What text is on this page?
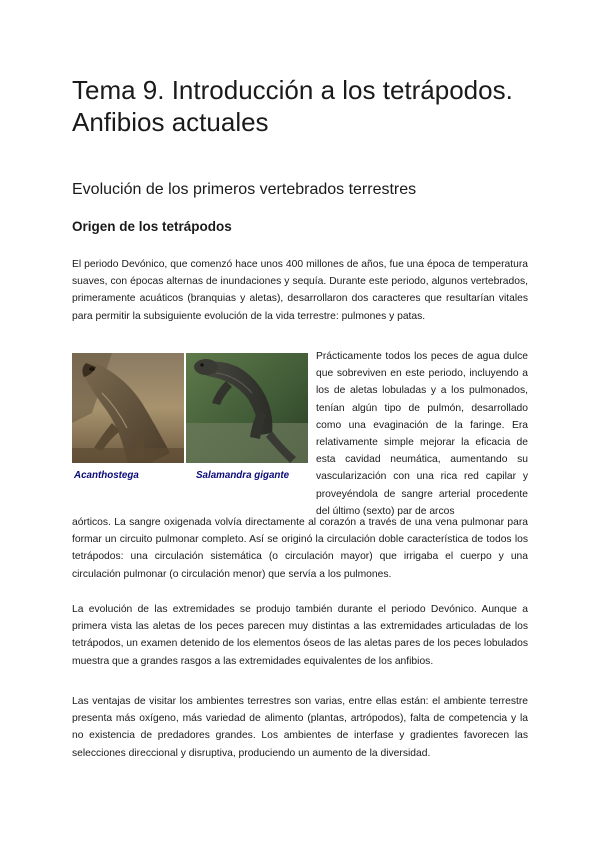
Tema 9. Introducción a los tetrápodos.
Anfibios actuales
Evolución de los primeros vertebrados terrestres
Origen de los tetrápodos

El periodo Devónico, que comenzó hace unos 400 millones de años, fue una época de temperatura suaves, con épocas alternas de inundaciones y sequía. Durante este periodo, algunos vertebrados, primeramente acuáticos (branquias y aletas), desarrollaron dos caracteres que resultarían vitales para permitir la subsiguiente evolución de la vida terrestre: pulmones y patas.

Acanthostega	Salamandra gigante

Prácticamente todos los peces de agua dulce que sobreviven en este periodo, incluyendo a los de aletas lobuladas y a los pulmonados, tenían algún tipo de pulmón, desarrollado como una evaginación de la faringe. Era relativamente simple mejorar la eficacia de esta cavidad neumática, aumentando su vascularización con una rica red capilar y proveyéndola de sangre arterial procedente del último (sexto) par de arcos

aórticos. La sangre oxigenada volvía directamente al corazón a través de una vena pulmonar para formar un circuito pulmonar completo. Así se originó la circulación doble característica de todos los tetrápodos: una circulación sistemática (o circulación mayor) que irrigaba el cuerpo y una circulación pulmonar (o circulación menor) que servía a los pulmones.

La evolución de las extremidades se produjo también durante el periodo Devónico. Aunque a primera vista las aletas de los peces parecen muy distintas a las extremidades articuladas de los tetrápodos, un examen detenido de los elementos óseos de las aletas pares de los peces lobulados muestra que a grandes rasgos a las extremidades equivalentes de los anfibios.

Las ventajas de visitar los ambientes terrestres son varias, entre ellas están: el ambiente terrestre presenta más oxígeno, más variedad de alimento (plantas, artrópodos), falta de competencia y la no existencia de predadores grandes. Los ambientes de interfase y gradientes favorecen las selecciones direccional y disruptiva, produciendo un aumento de la diversidad.
